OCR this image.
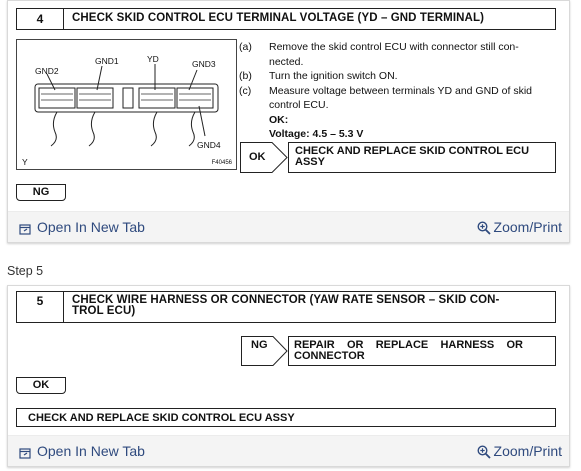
4	CHECK SKID CONTROL ECU TERMINAL VOLTAGE (YD – GND TERMINAL)
GND2
GND1	YD	GND3
GND4
Y	F40456
(a) Remove the skid control ECU with connector still con-
nected.
(b) Turn the ignition switch ON.
(c) Measure voltage between terminals YD and GND of skid
control ECU.
OK:
Voltage: 4.5 – 5.3 V
OK	CHECK AND REPLACE SKID CONTROL ECU
ASSY
NG
Open In New Tab	Zoom/Print
Step 5
5	CHECK WIRE HARNESS OR CONNECTOR (YAW RATE SENSOR – SKID CON-
TROL ECU)
NG REPAIR    OR    REPLACE    HARNESS    OR
CONNECTOR
OK
CHECK AND REPLACE SKID CONTROL ECU ASSY
Open In New Tab	Zoom/Print
